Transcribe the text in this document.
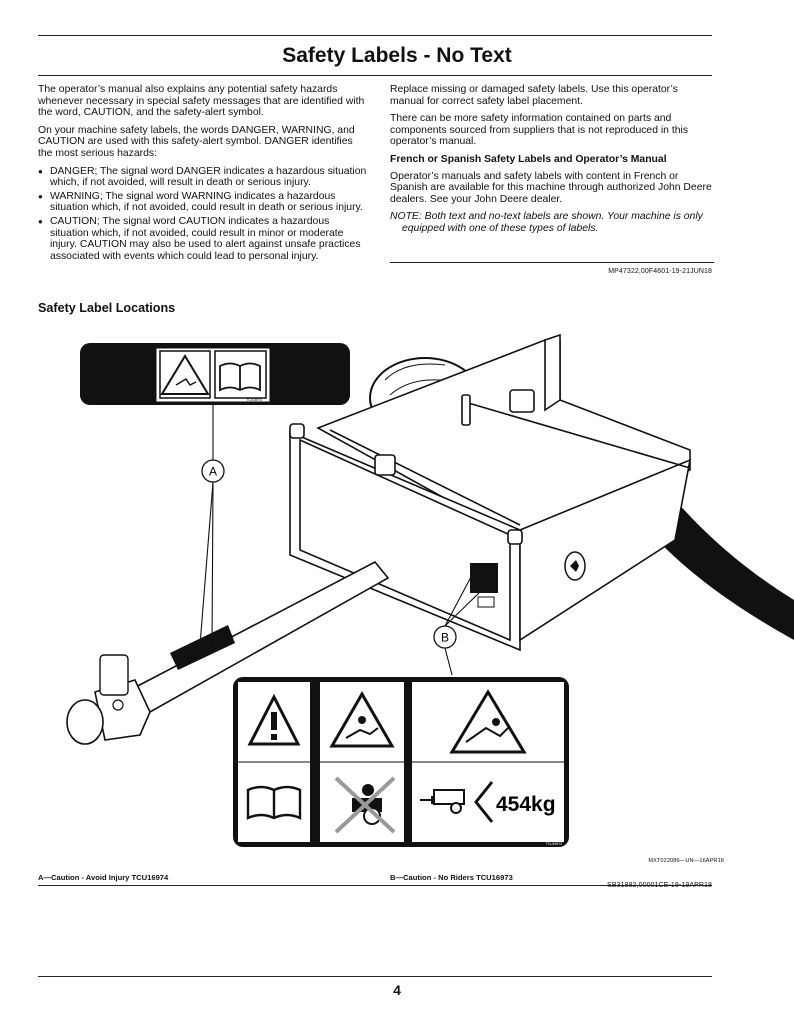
Safety Labels - No Text

The operator’s manual also explains any potential safety hazards whenever necessary in special safety messages that are identified with the word, CAUTION, and the safety-alert symbol.

On your machine safety labels, the words DANGER, WARNING, and CAUTION are used with this safety-alert symbol. DANGER identifies the most serious hazards:

● DANGER; The signal word DANGER indicates a hazardous situation which, if not avoided, will result in death or serious injury.
● WARNING; The signal word WARNING indicates a hazardous situation which, if not avoided, could result in death or serious injury.
● CAUTION; The signal word CAUTION indicates a hazardous situation which, if not avoided, could result in minor or moderate injury. CAUTION may also be used to alert against unsafe practices associated with events which could lead to personal injury.

Replace missing or damaged safety labels. Use this operator’s manual for correct safety label placement.

There can be more safety information contained on parts and components sourced from suppliers that is not reproduced in this operator’s manual.

French or Spanish Safety Labels and Operator’s Manual

Operator’s manuals and safety labels with content in French or Spanish are available for this machine through authorized John Deere dealers. See your John Deere dealer.

NOTE: Both text and no-text labels are shown. Your machine is only equipped with one of these types of labels.

MP47322,00F4601-19-21JUN18
Safety Label Locations
A
B
TCU16974
454kg
TCU16973
MXT022086—UN—16APR18
A—Caution - Avoid Injury TCU16974	B—Caution - No Riders TCU16973
SB31882,00001CE-19-19APR18
4
